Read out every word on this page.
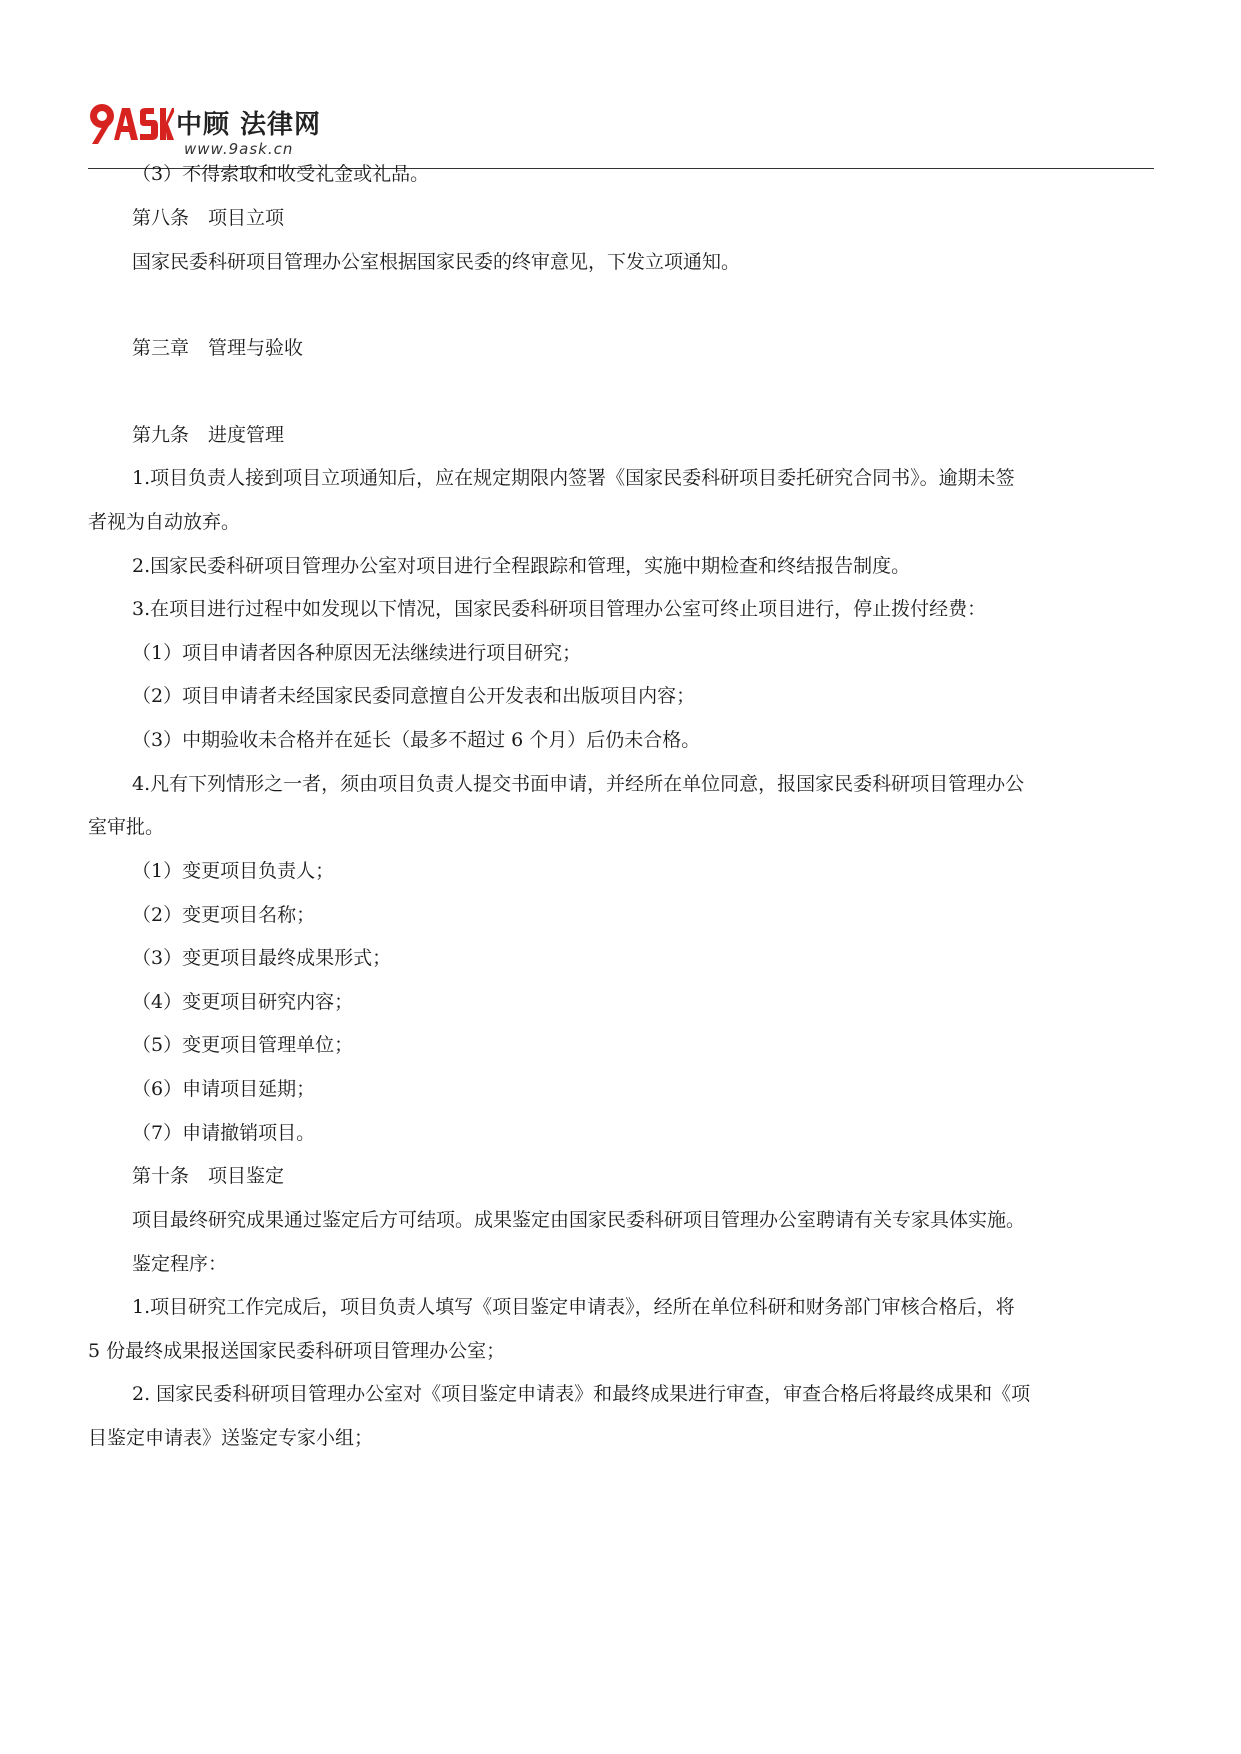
中顾 法律网
www.9ask.cn
（3）不得索取和收受礼金或礼品。
第八条　项目立项
国家民委科研项目管理办公室根据国家民委的终审意见，下发立项通知。
第三章　管理与验收
第九条　进度管理
1.项目负责人接到项目立项通知后，应在规定期限内签署《国家民委科研项目委托研究合同书》。逾期未签
者视为自动放弃。
2.国家民委科研项目管理办公室对项目进行全程跟踪和管理，实施中期检查和终结报告制度。
3.在项目进行过程中如发现以下情况，国家民委科研项目管理办公室可终止项目进行，停止拨付经费：
（1）项目申请者因各种原因无法继续进行项目研究；
（2）项目申请者未经国家民委同意擅自公开发表和出版项目内容；
（3）中期验收未合格并在延长（最多不超过 6 个月）后仍未合格。
4.凡有下列情形之一者，须由项目负责人提交书面申请，并经所在单位同意，报国家民委科研项目管理办公
室审批。
（1）变更项目负责人；
（2）变更项目名称；
（3）变更项目最终成果形式；
（4）变更项目研究内容；
（5）变更项目管理单位；
（6）申请项目延期；
（7）申请撤销项目。
第十条　项目鉴定
项目最终研究成果通过鉴定后方可结项。成果鉴定由国家民委科研项目管理办公室聘请有关专家具体实施。
鉴定程序：
1.项目研究工作完成后，项目负责人填写《项目鉴定申请表》，经所在单位科研和财务部门审核合格后，将
5 份最终成果报送国家民委科研项目管理办公室；
2. 国家民委科研项目管理办公室对《项目鉴定申请表》和最终成果进行审查，审查合格后将最终成果和《项
目鉴定申请表》送鉴定专家小组；
